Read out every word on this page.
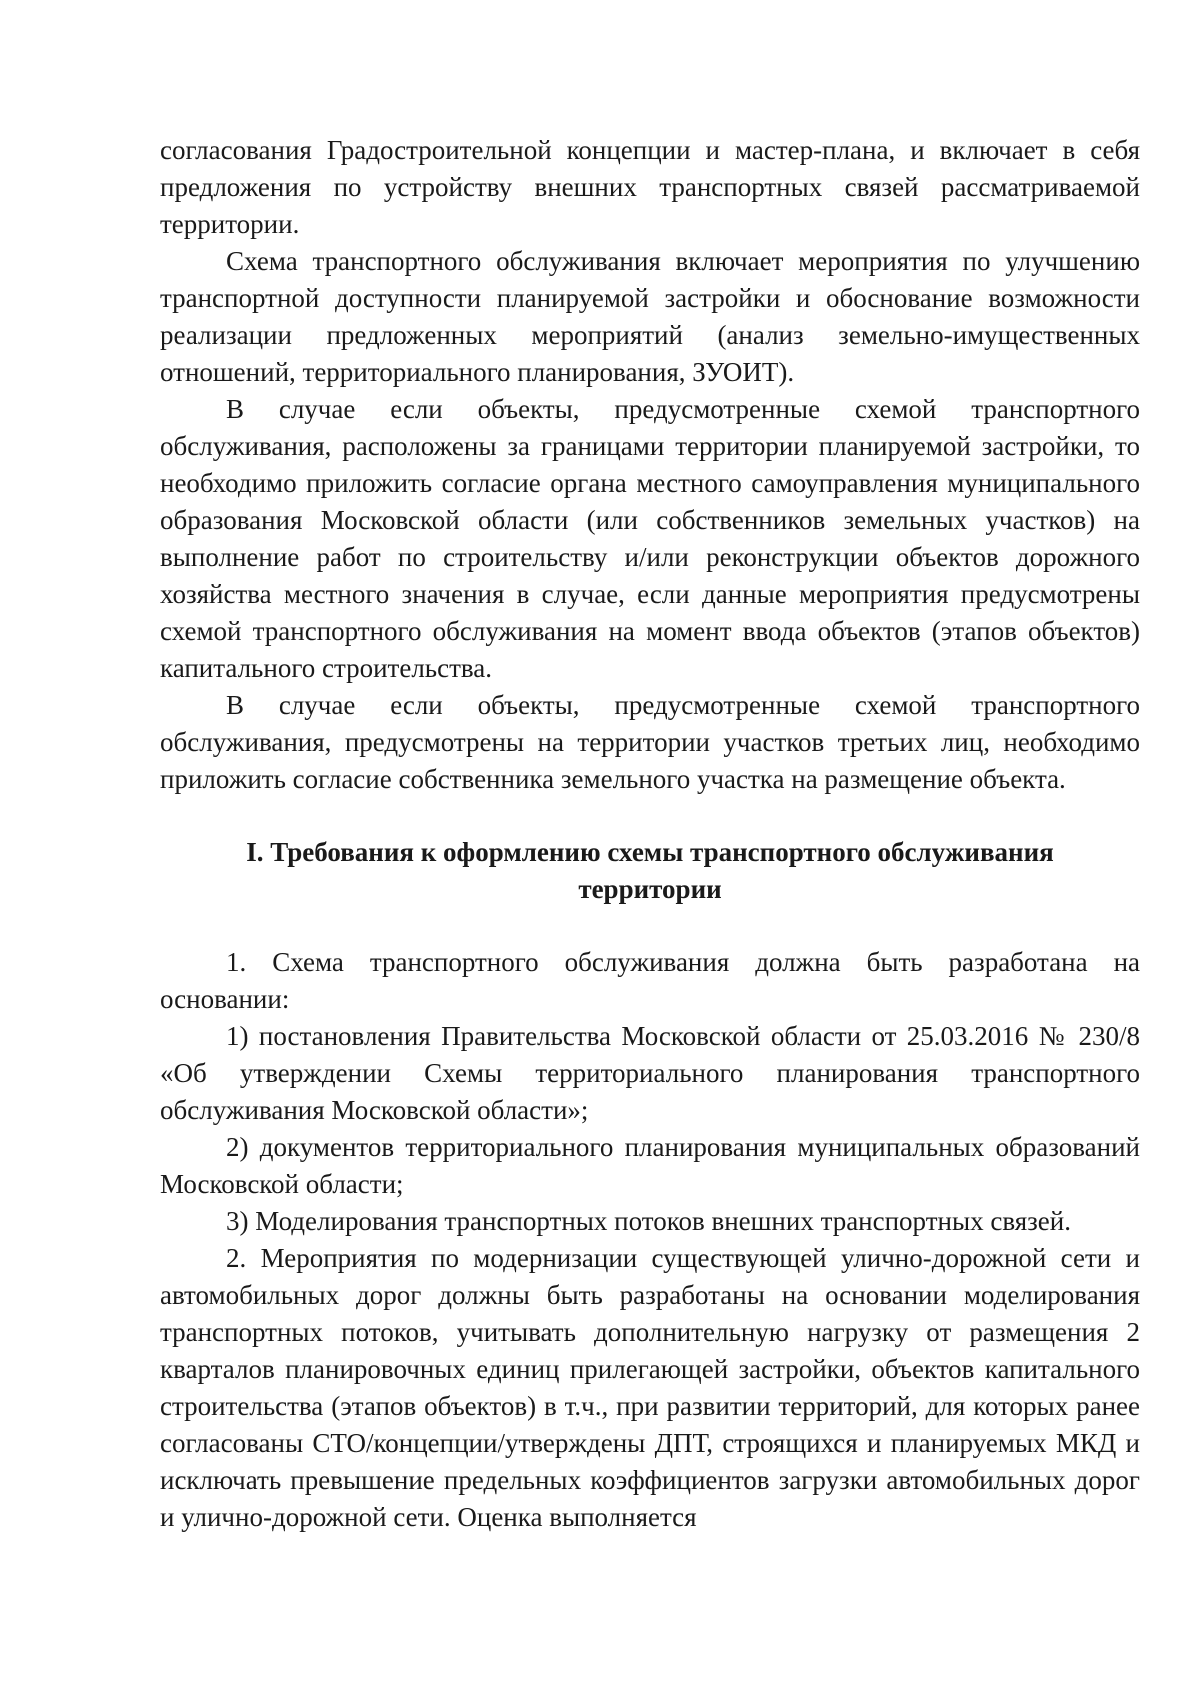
согласования Градостроительной концепции и мастер-плана, и включает в себя предложения по устройству внешних транспортных связей рассматриваемой территории.

Схема транспортного обслуживания включает мероприятия по улучшению транспортной доступности планируемой застройки и обоснование возможности реализации предложенных мероприятий (анализ земельно-имущественных отношений, территориального планирования, ЗУОИТ).

В случае если объекты, предусмотренные схемой транспортного обслуживания, расположены за границами территории планируемой застройки, то необходимо приложить согласие органа местного самоуправления муниципального образования Московской области (или собственников земельных участков) на выполнение работ по строительству и/или реконструкции объектов дорожного хозяйства местного значения в случае, если данные мероприятия предусмотрены схемой транспортного обслуживания на момент ввода объектов (этапов объектов) капитального строительства.

В случае если объекты, предусмотренные схемой транспортного обслуживания, предусмотрены на территории участков третьих лиц, необходимо приложить согласие собственника земельного участка на размещение объекта.

I. Требования к оформлению схемы транспортного обслуживания
территории

1. Схема транспортного обслуживания должна быть разработана на основании:

1) постановления Правительства Московской области от 25.03.2016 № 230/8 «Об утверждении Схемы территориального планирования транспортного обслуживания Московской области»;

2) документов территориального планирования муниципальных образований Московской области;

3) Моделирования транспортных потоков внешних транспортных связей.

2. Мероприятия по модернизации существующей улично-дорожной сети и автомобильных дорог должны быть разработаны на основании моделирования транспортных потоков, учитывать дополнительную нагрузку от размещения 2 кварталов планировочных единиц прилегающей застройки, объектов капитального строительства (этапов объектов) в т.ч., при развитии территорий, для которых ранее согласованы СТО/концепции/утверждены ДПТ, строящихся и планируемых МКД и исключать превышение предельных коэффициентов загрузки автомобильных дорог и улично-дорожной сети. Оценка выполняется
